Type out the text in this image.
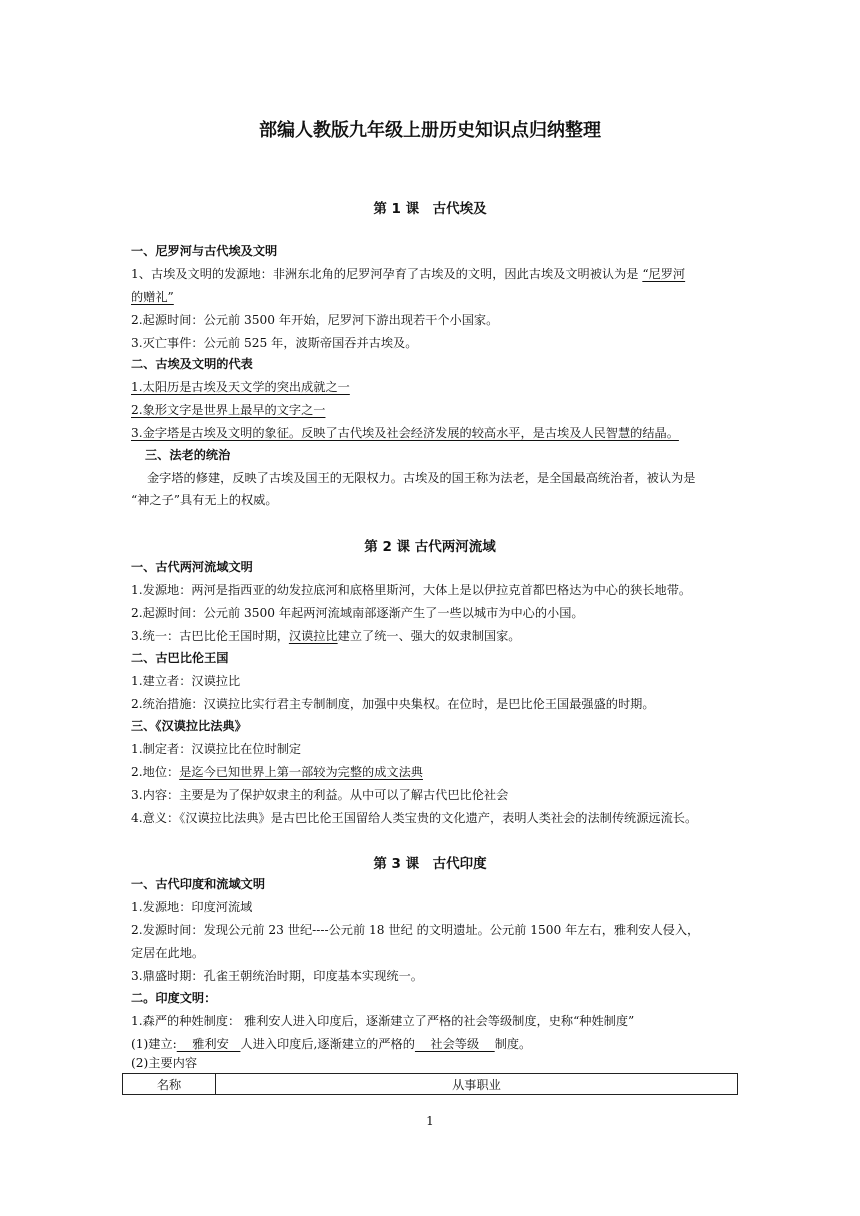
部编人教版九年级上册历史知识点归纳整理
第 1 课　古代埃及
一、尼罗河与古代埃及文明
1、古埃及文明的发源地：非洲东北角的尼罗河孕育了古埃及的文明，因此古埃及文明被认为是 “尼罗河
的赠礼”
2.起源时间：公元前 3500 年开始，尼罗河下游出现若干个小国家。
3.灭亡事件：公元前 525 年，波斯帝国吞并古埃及。
二、古埃及文明的代表
1.太阳历是古埃及天文学的突出成就之一
2.象形文字是世界上最早的文字之一
3.金字塔是古埃及文明的象征。反映了古代埃及社会经济发展的较高水平，是古埃及人民智慧的结晶。
三、法老的统治
金字塔的修建，反映了古埃及国王的无限权力。古埃及的国王称为法老，是全国最高统治者，被认为是
“神之子”具有无上的权威。
第 2 课 古代两河流域
一、古代两河流域文明
1.发源地：两河是指西亚的幼发拉底河和底格里斯河，大体上是以伊拉克首都巴格达为中心的狭长地带。
2.起源时间：公元前 3500 年起两河流域南部逐渐产生了一些以城市为中心的小国。
3.统一：古巴比伦王国时期，汉谟拉比建立了统一、强大的奴隶制国家。
二、古巴比伦王国
1.建立者：汉谟拉比
2.统治措施：汉谟拉比实行君主专制制度，加强中央集权。在位时，是巴比伦王国最强盛的时期。
三、《汉谟拉比法典》
1.制定者：汉谟拉比在位时制定
2.地位：是迄今已知世界上第一部较为完整的成文法典
3.内容：主要是为了保护奴隶主的利益。从中可以了解古代巴比伦社会
4.意义：《汉谟拉比法典》是古巴比伦王国留给人类宝贵的文化遗产，表明人类社会的法制传统源远流长。
第 3 课　古代印度
一、古代印度和流域文明
1.发源地：印度河流域
2.发源时间：发现公元前 23 世纪----公元前 18 世纪 的文明遗址。公元前 1500 年左右，雅利安人侵入，
定居在此地。
3.鼎盛时期：孔雀王朝统治时期，印度基本实现统一。
二。印度文明：
1.森严的种姓制度： 雅利安人进入印度后，逐渐建立了严格的社会等级制度，史称“种姓制度”
(1)建立:    雅利安   人进入印度后,逐渐建立的严格的    社会等级    制度。
(2)主要内容
名称	从事职业
1
